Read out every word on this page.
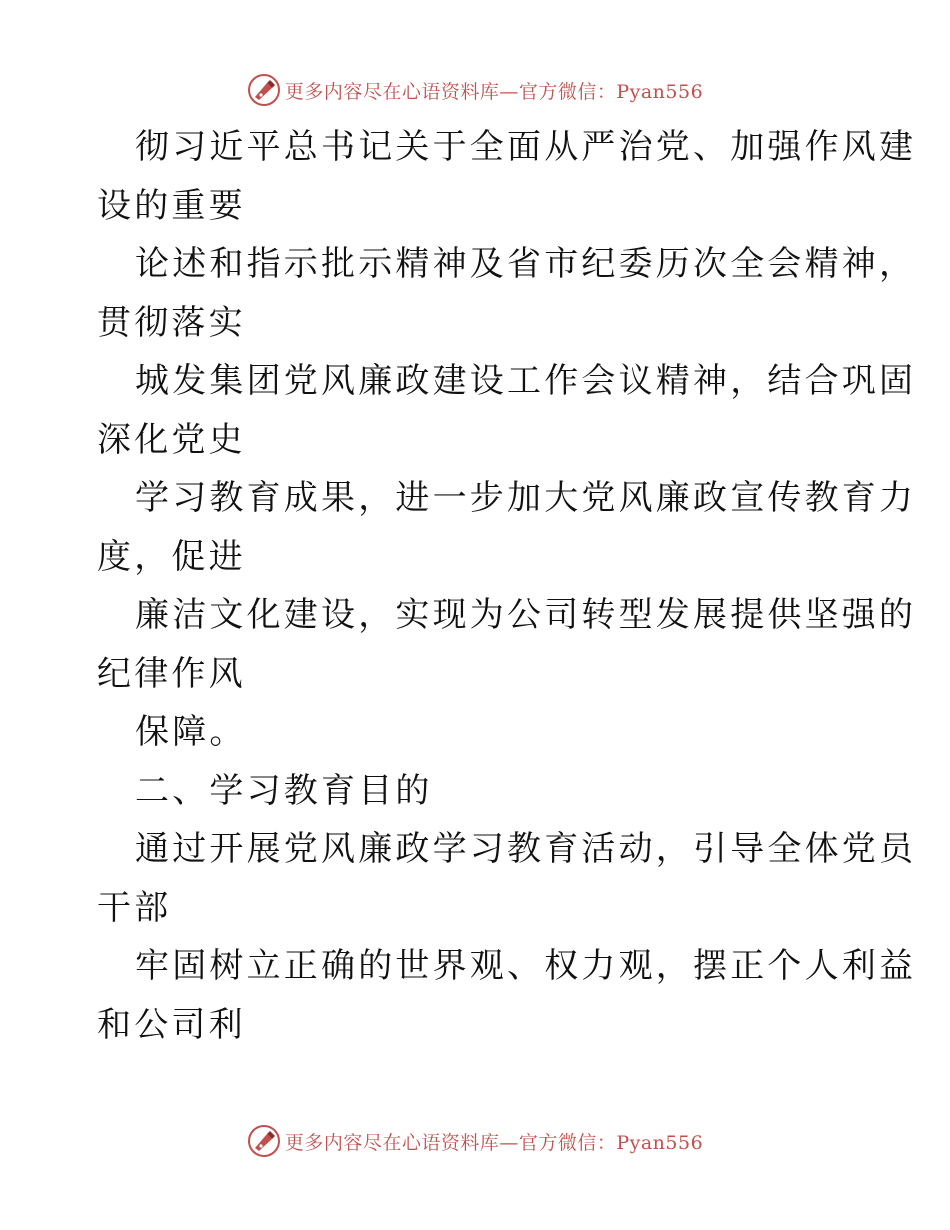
更多内容尽在心语资料库—官方微信：Pyan556
彻习近平总书记关于全面从严治党、加强作风建
设的重要
论述和指示批示精神及省市纪委历次全会精神，
贯彻落实
城发集团党风廉政建设工作会议精神，结合巩固
深化党史
学习教育成果，进一步加大党风廉政宣传教育力
度，促进
廉洁文化建设，实现为公司转型发展提供坚强的
纪律作风
保障。
二、学习教育目的
通过开展党风廉政学习教育活动，引导全体党员
干部
牢固树立正确的世界观、权力观，摆正个人利益
和公司利
更多内容尽在心语资料库—官方微信：Pyan556
